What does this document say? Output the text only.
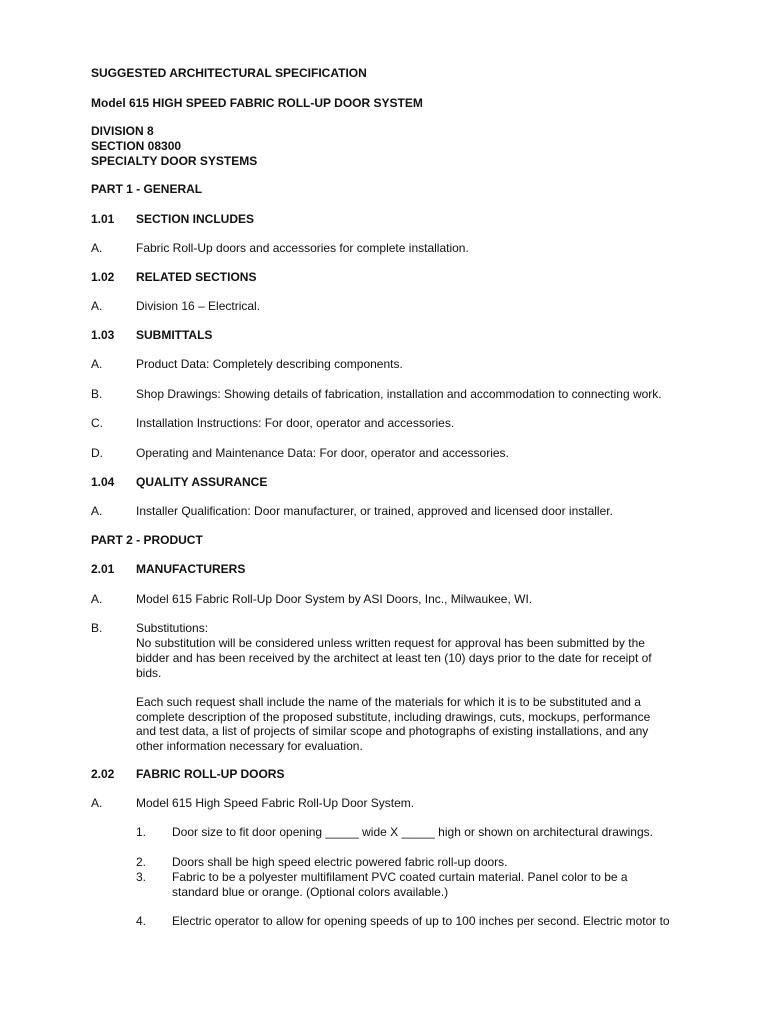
SUGGESTED ARCHITECTURAL SPECIFICATION
Model 615 HIGH SPEED FABRIC ROLL-UP DOOR SYSTEM
DIVISION 8
SECTION 08300
SPECIALTY DOOR SYSTEMS
PART 1 - GENERAL
1.01 SECTION INCLUDES
A.	Fabric Roll-Up doors and accessories for complete installation.
1.02 RELATED SECTIONS
A.	Division 16 – Electrical.
1.03 SUBMITTALS
A.	Product Data: Completely describing components.
B.	Shop Drawings: Showing details of fabrication, installation and accommodation to connecting work.
C.	Installation Instructions: For door, operator and accessories.
D.	Operating and Maintenance Data: For door, operator and accessories.
1.04 QUALITY ASSURANCE
A.	Installer Qualification: Door manufacturer, or trained, approved and licensed door installer.
PART 2 - PRODUCT
2.01 MANUFACTURERS
A.	Model 615 Fabric Roll-Up Door System by ASI Doors, Inc., Milwaukee, WI.
B.	Substitutions:
No substitution will be considered unless written request for approval has been submitted by the
bidder and has been received by the architect at least ten (10) days prior to the date for receipt of
bids.
Each such request shall include the name of the materials for which it is to be substituted and a
complete description of the proposed substitute, including drawings, cuts, mockups, performance
and test data, a list of projects of similar scope and photographs of existing installations, and any
other information necessary for evaluation.
2.02 FABRIC ROLL-UP DOORS
A.	Model 615 High Speed Fabric Roll-Up Door System.
1. Door size to fit door opening _____ wide X _____ high or shown on architectural drawings.
2. Doors shall be high speed electric powered fabric roll-up doors.
3. Fabric to be a polyester multifilament PVC coated curtain material. Panel color to be a
standard blue or orange. (Optional colors available.)
4. Electric operator to allow for opening speeds of up to 100 inches per second. Electric motor to
